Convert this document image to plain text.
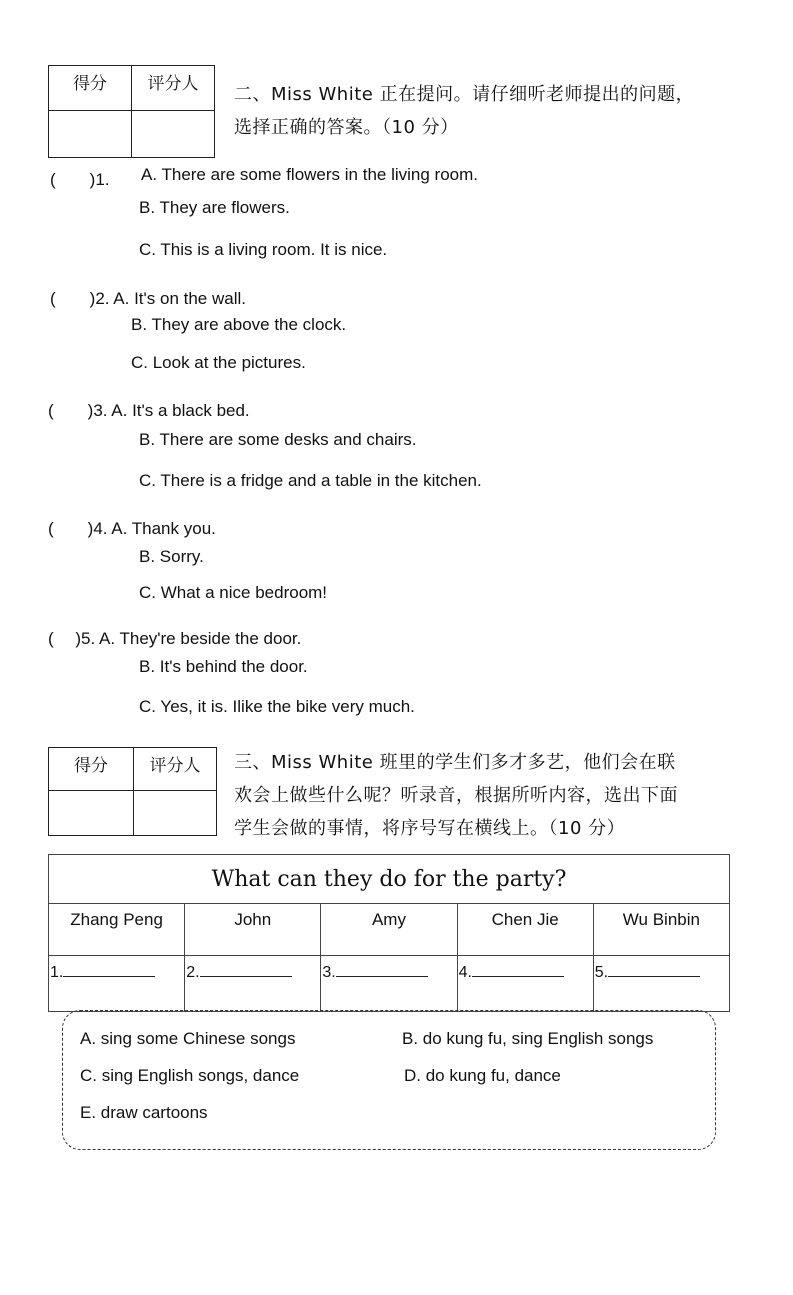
得分	评分人
	二、Miss White 正在提问。请仔细听老师提出的问题，
选择正确的答案。（10 分）
(　　)1. A. There are some flowers in the living room.
B. They are flowers.
C. This is a living room. It is nice.
(　　)2. A. It's on the wall.
B. They are above the clock.
C. Look at the pictures.
(　　)3. A. It's a black bed.
B. There are some desks and chairs.
C. There is a fridge and a table in the kitchen.
(　　)4. A. Thank you.
B. Sorry.
C. What a nice bedroom!
(　 )5. A. They're beside the door.
B. It's behind the door.
C. Yes, it is. Ilike the bike very much.
得分	评分人
	三、Miss White 班里的学生们多才多艺，他们会在联
欢会上做些什么呢？听录音，根据所听内容，选出下面
学生会做的事情，将序号写在横线上。（10 分）
What can they do for the party?				
Zhang Peng	John	Amy	Chen Jie	Wu Binbin
1.	2.	3.	4.	5.
A. sing some Chinese songs	B. do kung fu, sing English songs
C. sing English songs, dance	D. do kung fu, dance
E. draw cartoons
